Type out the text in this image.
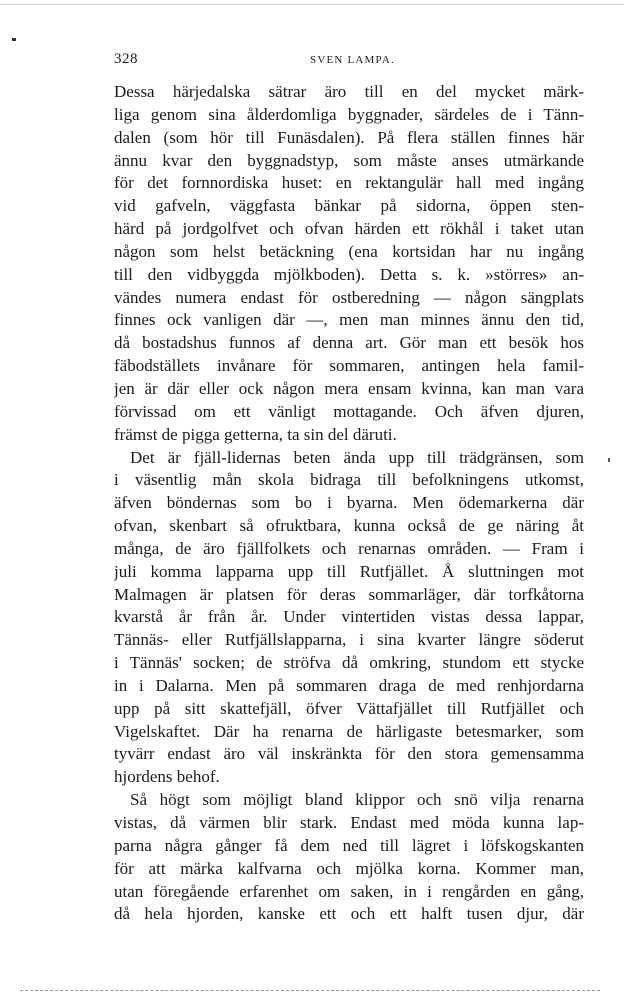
328	SVEN LAMPA.
Dessa härjedalska sätrar äro till en del mycket märk-
liga genom sina ålderdomliga byggnader, särdeles de i Tänn-
dalen (som hör till Funäsdalen). På flera ställen finnes här
ännu kvar den byggnadstyp, som måste anses utmärkande
för det fornnordiska huset: en rektangulär hall med ingång
vid gafveln, väggfasta bänkar på sidorna, öppen sten-
härd på jordgolfvet och ofvan härden ett rökhål i taket utan
någon som helst betäckning (ena kortsidan har nu ingång
till den vidbyggda mjölkboden). Detta s. k. »störres» an-
vändes numera endast för ostberedning — någon sängplats
finnes ock vanligen där —, men man minnes ännu den tid,
då bostadshus funnos af denna art. Gör man ett besök hos
fäbodställets invånare för sommaren, antingen hela famil-
jen är där eller ock någon mera ensam kvinna, kan man vara
förvissad om ett vänligt mottagande. Och äfven djuren,
främst de pigga getterna, ta sin del däruti.
Det är fjäll-lidernas beten ända upp till trädgränsen, som
i väsentlig mån skola bidraga till befolkningens utkomst,
äfven böndernas som bo i byarna. Men ödemarkerna där
ofvan, skenbart så ofruktbara, kunna också de ge näring åt
många, de äro fjällfolkets och renarnas områden. — Fram i
juli komma lapparna upp till Rutfjället. Å sluttningen mot
Malmagen är platsen för deras sommarläger, där torfkåtorna
kvarstå år från år. Under vintertiden vistas dessa lappar,
Tännäs- eller Rutfjällslapparna, i sina kvarter längre söderut
i Tännäs' socken; de ströfva då omkring, stundom ett stycke
in i Dalarna. Men på sommaren draga de med renhjordarna
upp på sitt skattefjäll, öfver Vättafjället till Rutfjället och
Vigelskaftet. Där ha renarna de härligaste betesmarker, som
tyvärr endast äro väl inskränkta för den stora gemensamma
hjordens behof.
Så högt som möjligt bland klippor och snö vilja renarna
vistas, då värmen blir stark. Endast med möda kunna lap-
parna några gånger få dem ned till lägret i löfskogskanten
för att märka kalfvarna och mjölka korna. Kommer man,
utan föregående erfarenhet om saken, in i rengården en gång,
då hela hjorden, kanske ett och ett halft tusen djur, där
